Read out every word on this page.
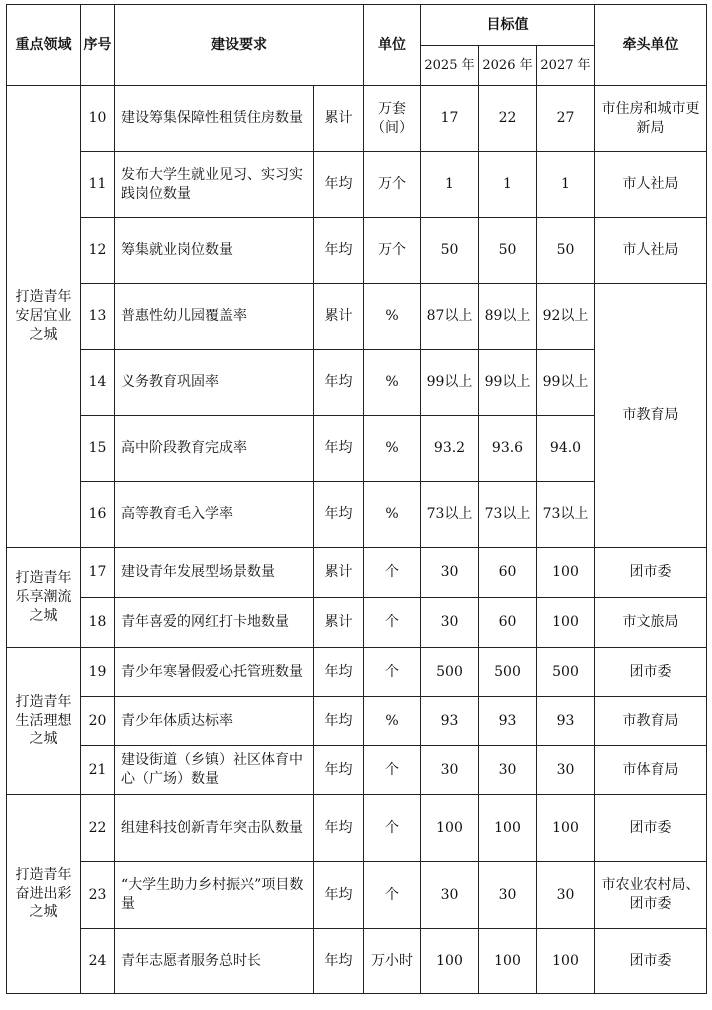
重点领域	序号	建设要求		单位	目标值			牵头单位
					2025 年	2026 年	2027 年	
打造青年安居宜业之城	10	建设筹集保障性租赁住房数量	累计	万套（间）	17	22	27	市住房和城市更新局
	11	发布大学生就业见习、实习实践岗位数量	年均	万个	1	1	1	市人社局
	12	筹集就业岗位数量	年均	万个	50	50	50	市人社局
	13	普惠性幼儿园覆盖率	累计	%	87以上	89以上	92以上	市教育局
	14	义务教育巩固率	年均	%	99以上	99以上	99以上	
	15	高中阶段教育完成率	年均	%	93.2	93.6	94.0	
	16	高等教育毛入学率	年均	%	73以上	73以上	73以上	
打造青年乐享潮流之城	17	建设青年发展型场景数量	累计	个	30	60	100	团市委
	18	青年喜爱的网红打卡地数量	累计	个	30	60	100	市文旅局
打造青年生活理想之城	19	青少年寒暑假爱心托管班数量	年均	个	500	500	500	团市委
	20	青少年体质达标率	年均	%	93	93	93	市教育局
	21	建设街道（乡镇）社区体育中心（广场）数量	年均	个	30	30	30	市体育局
打造青年奋进出彩之城	22	组建科技创新青年突击队数量	年均	个	100	100	100	团市委
	23	“大学生助力乡村振兴”项目数量	年均	个	30	30	30	市农业农村局、团市委
	24	青年志愿者服务总时长	年均	万小时	100	100	100	团市委
